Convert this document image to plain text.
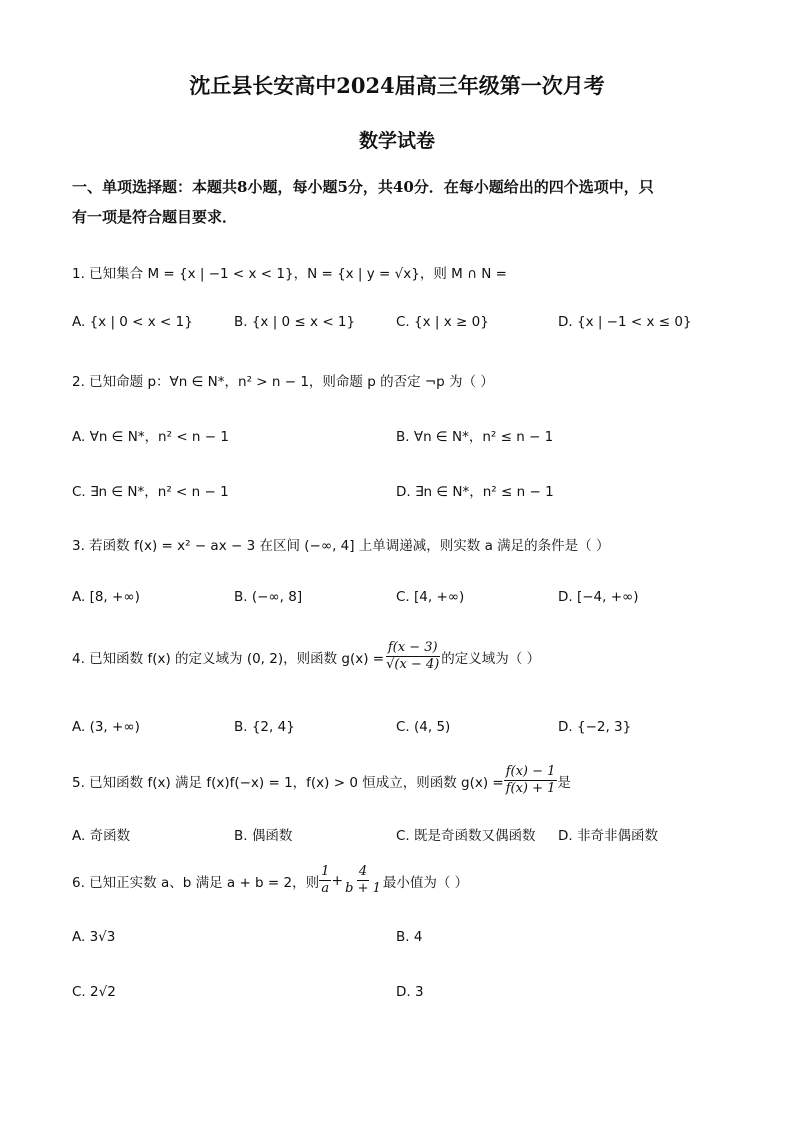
沈丘县长安高中2024届高三年级第一次月考
数学试卷
一、单项选择题：本题共8小题，每小题5分，共40分．在每小题给出的四个选项中，只
有一项是符合题目要求．
1. 已知集合 M = {x | −1 < x < 1}，N = {x | y = √x}，则 M ∩ N =
A. {x | 0 < x < 1}	B. {x | 0 ≤ x < 1}	C. {x | x ≥ 0}	D. {x | −1 < x ≤ 0}
2. 已知命题 p：∀n ∈ N*，n² > n − 1，则命题 p 的否定 ¬p 为（ ）
A. ∀n ∈ N*，n² < n − 1	B. ∀n ∈ N*，n² ≤ n − 1
C. ∃n ∈ N*，n² < n − 1	D. ∃n ∈ N*，n² ≤ n − 1
3. 若函数 f(x) = x² − ax − 3 在区间 (−∞, 4] 上单调递减，则实数 a 满足的条件是（ ）
A. [8, +∞)	B. (−∞, 8]	C. [4, +∞)	D. [−4, +∞)
4. 已知函数 f(x) 的定义域为 (0, 2)，则函数 $g(x) = \frac{f(x - 3)}{√(x - 4)}$ 的定义域为（ ）
A. (3, +∞)	B. {2, 4}	C. (4, 5)	D. {−2, 3}
5. 已知函数 f(x) 满足 f(x)f(−x) = 1，f(x) > 0 恒成立，则函数 $g(x) = \frac{f(x) - 1}{f(x) + 1}$ 是
A. 奇函数	B. 偶函数	C. 既是奇函数又偶函数 D. 非奇非偶函数
6. 已知正实数 a、b 满足 a + b = 2，则 $\frac{1}{a} + \frac{4}{b + 1}$ 最小值为（ ）
A. 3√3	B. 4
C. 2√2	D. 3
